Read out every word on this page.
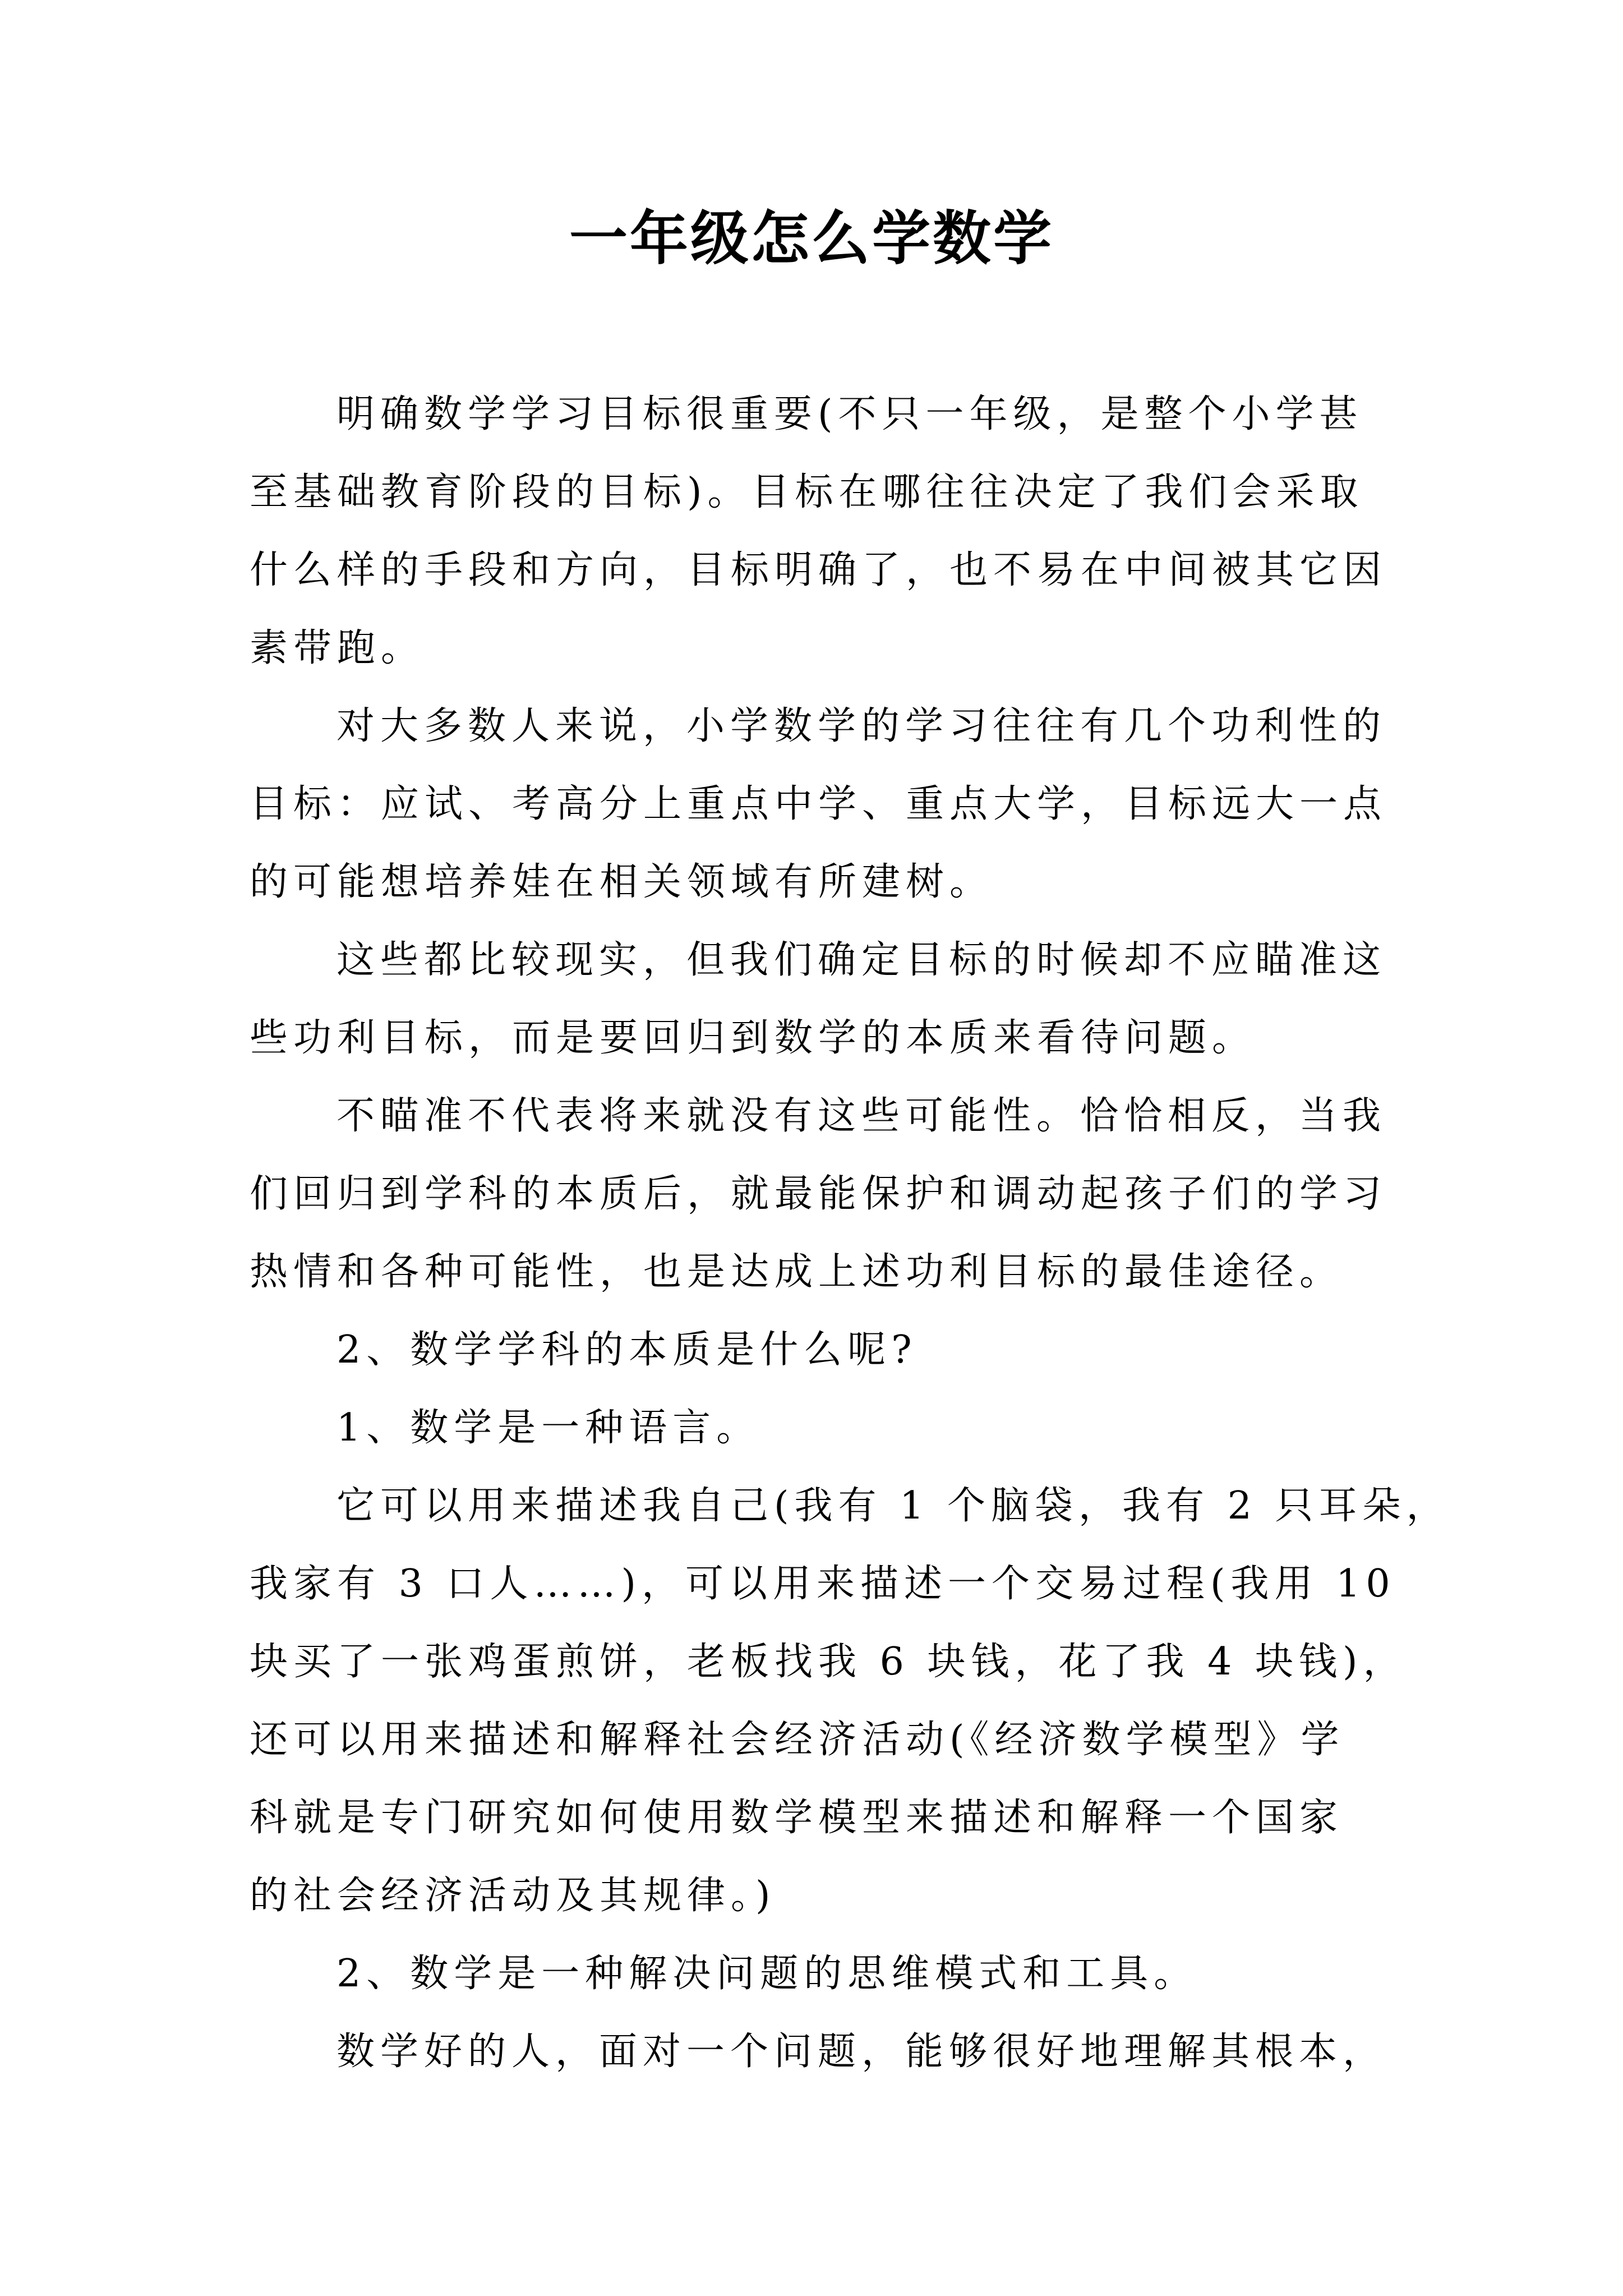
一年级怎么学数学
明确数学学习目标很重要(不只一年级，是整个小学甚
至基础教育阶段的目标)。目标在哪往往决定了我们会采取
什么样的手段和方向，目标明确了，也不易在中间被其它因
素带跑。
对大多数人来说，小学数学的学习往往有几个功利性的
目标：应试、考高分上重点中学、重点大学，目标远大一点
的可能想培养娃在相关领域有所建树。
这些都比较现实，但我们确定目标的时候却不应瞄准这
些功利目标，而是要回归到数学的本质来看待问题。
不瞄准不代表将来就没有这些可能性。恰恰相反，当我
们回归到学科的本质后，就最能保护和调动起孩子们的学习
热情和各种可能性，也是达成上述功利目标的最佳途径。
2、数学学科的本质是什么呢?
1、数学是一种语言。
它可以用来描述我自己(我有 1 个脑袋，我有 2 只耳朵，
我家有 3 口人……)，可以用来描述一个交易过程(我用 10
块买了一张鸡蛋煎饼，老板找我 6 块钱，花了我 4 块钱)，
还可以用来描述和解释社会经济活动(《经济数学模型》学
科就是专门研究如何使用数学模型来描述和解释一个国家
的社会经济活动及其规律。)
2、数学是一种解决问题的思维模式和工具。
数学好的人，面对一个问题，能够很好地理解其根本，
